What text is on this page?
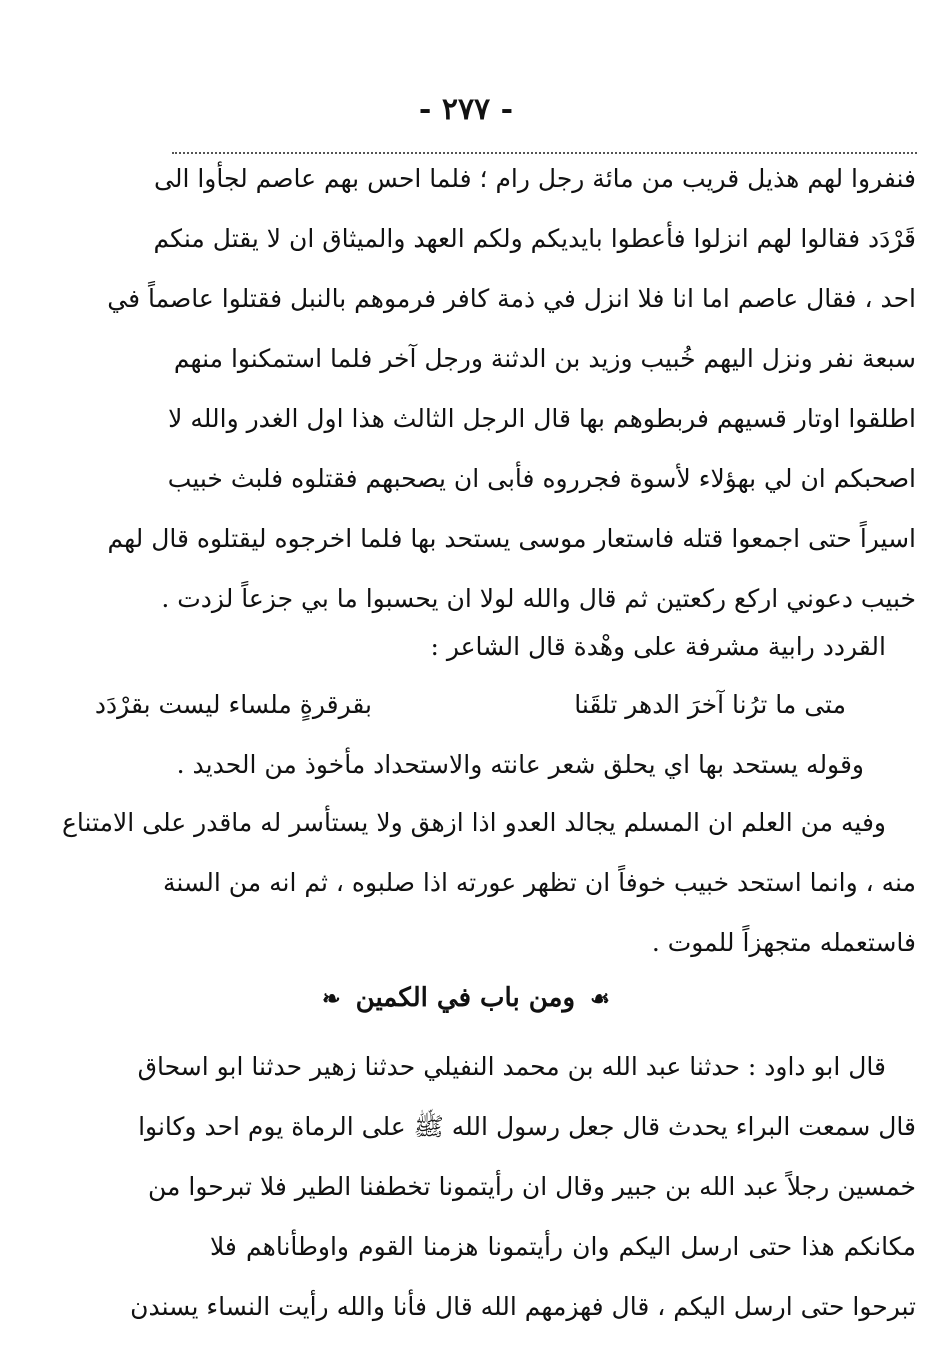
- ٢٧٧ -
فنفروا لهم هذيل قريب من مائة رجل رام ؛ فلما احس بهم عاصم لجأوا الى
قَرْدَد فقالوا لهم انزلوا فأعطوا بايديكم ولكم العهد والميثاق ان لا يقتل منكم
احد ، فقال عاصم اما انا فلا انزل في ذمة كافر فرموهم بالنبل فقتلوا عاصماً في
سبعة نفر ونزل اليهم خُبيب وزيد بن الدثنة ورجل آخر فلما استمكنوا منهم
اطلقوا اوتار قسيهم فربطوهم بها قال الرجل الثالث هذا اول الغدر والله لا
اصحبكم ان لي بهؤلاء لأسوة فجرروه فأبى ان يصحبهم فقتلوه فلبث خبيب
اسيراً حتى اجمعوا قتله فاستعار موسى يستحد بها فلما اخرجوه ليقتلوه قال لهم
خبيب دعوني اركع ركعتين ثم قال والله لولا ان يحسبوا ما بي جزعاً لزدت .
القردد رابية مشرفة على وهْدة قال الشاعر :
متى ما ترُنا آخرَ الدهر تلقَنا
بقرقرةٍ ملساء ليست بقرْدَد
وقوله يستحد بها اي يحلق شعر عانته والاستحداد مأخوذ من الحديد .
وفيه من العلم ان المسلم يجالد العدو اذا ازهق ولا يستأسر له ماقدر على الامتناع
منه ، وانما استحد خبيب خوفاً ان تظهر عورته اذا صلبوه ، ثم انه من السنة
فاستعمله متجهزاً للموت .
☙ ومن باب في الكمين ❧
قال ابو داود : حدثنا عبد الله بن محمد النفيلي حدثنا زهير حدثنا ابو اسحاق
قال سمعت البراء يحدث قال جعل رسول الله ﷺ على الرماة يوم احد وكانوا
خمسين رجلاً عبد الله بن جبير وقال ان رأيتمونا تخطفنا الطير فلا تبرحوا من
مكانكم هذا حتى ارسل اليكم وان رأيتمونا هزمنا القوم واوطأناهم فلا
تبرحوا حتى ارسل اليكم ، قال فهزمهم الله قال فأنا والله رأيت النساء يسندن
